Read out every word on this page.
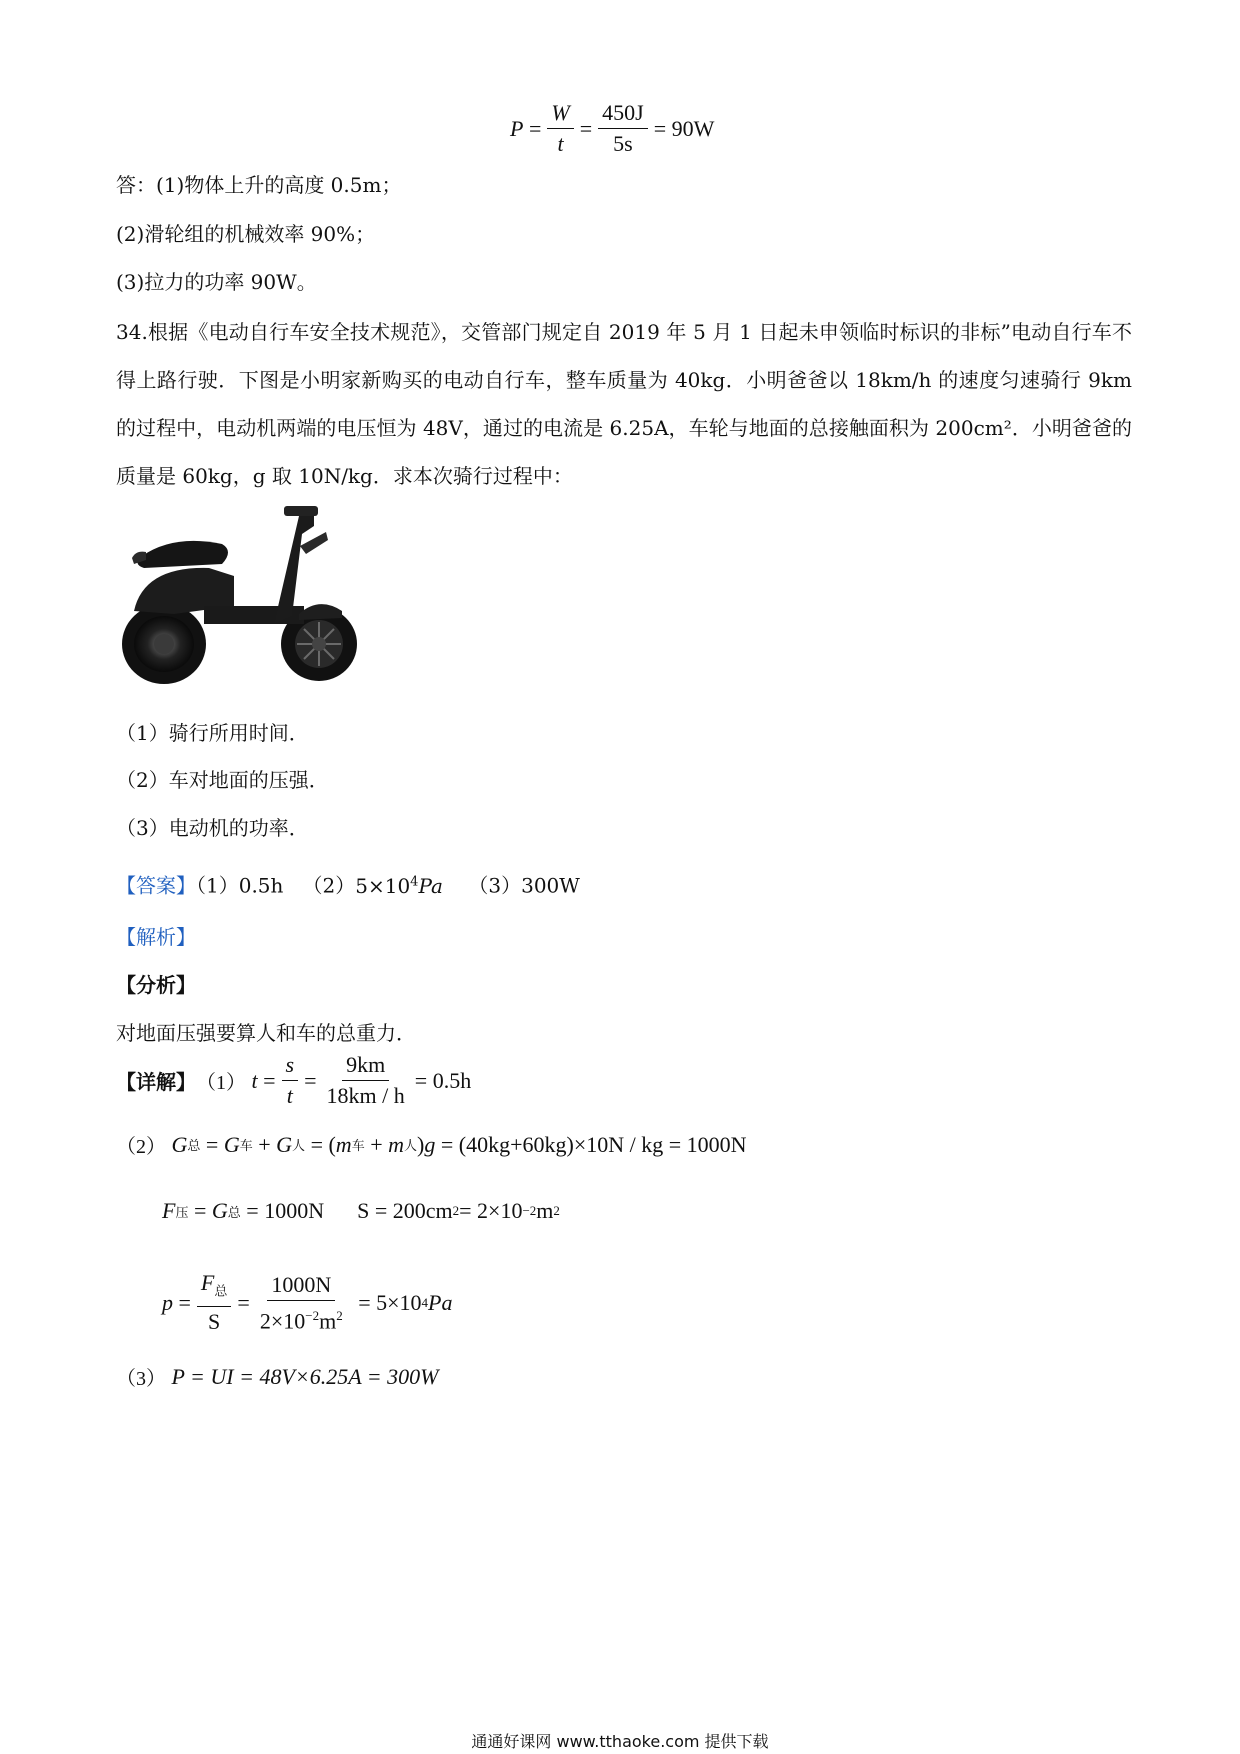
$P = \frac{W}{t} = \frac{450J}{5s} = 90W$
答：(1)物体上升的高度 0.5m；
(2)滑轮组的机械效率 90%；
(3)拉力的功率 90W。
34.根据《电动自行车安全技术规范》，交管部门规定自 2019 年 5 月 1 日起未申领临时标识的非标”电动自行车不得上路行驶．下图是小明家新购买的电动自行车，整车质量为 40kg．小明爸爸以 18km/h 的速度匀速骑行 9km 的过程中，电动机两端的电压恒为 48V，通过的电流是 6.25A，车轮与地面的总接触面积为 200cm²．小明爸爸的质量是 60kg，g 取 10N/kg．求本次骑行过程中：
（1）骑行所用时间．
（2）车对地面的压强．
（3）电动机的功率．
【答案】（1）0.5h $(2)5\times 10^4Pa$ （3）300W
【解析】
【分析】
对地面压强要算人和车的总重力．
【详解】 （1）
$t = \frac{s}{t} = \frac{9km}{18km / h} = 0.5h$
（2）
G 总 = G 车 + G 人 = ( m 车 + m 人 ) g
= (40kg+60kg)×10N / kg = 1000N
F 压 = G 总
= 1000N
S = 200cm 2 = 2×10 −2 m 2
$p = \frac{F_总}{S} = \frac{1000N}{2\times 10^{-2}m^2}$
= 5×10 4 Pa
（3）
P = UI = 48V×6.25A = 300W
通通好课网 www.tthaoke.com 提供下载
